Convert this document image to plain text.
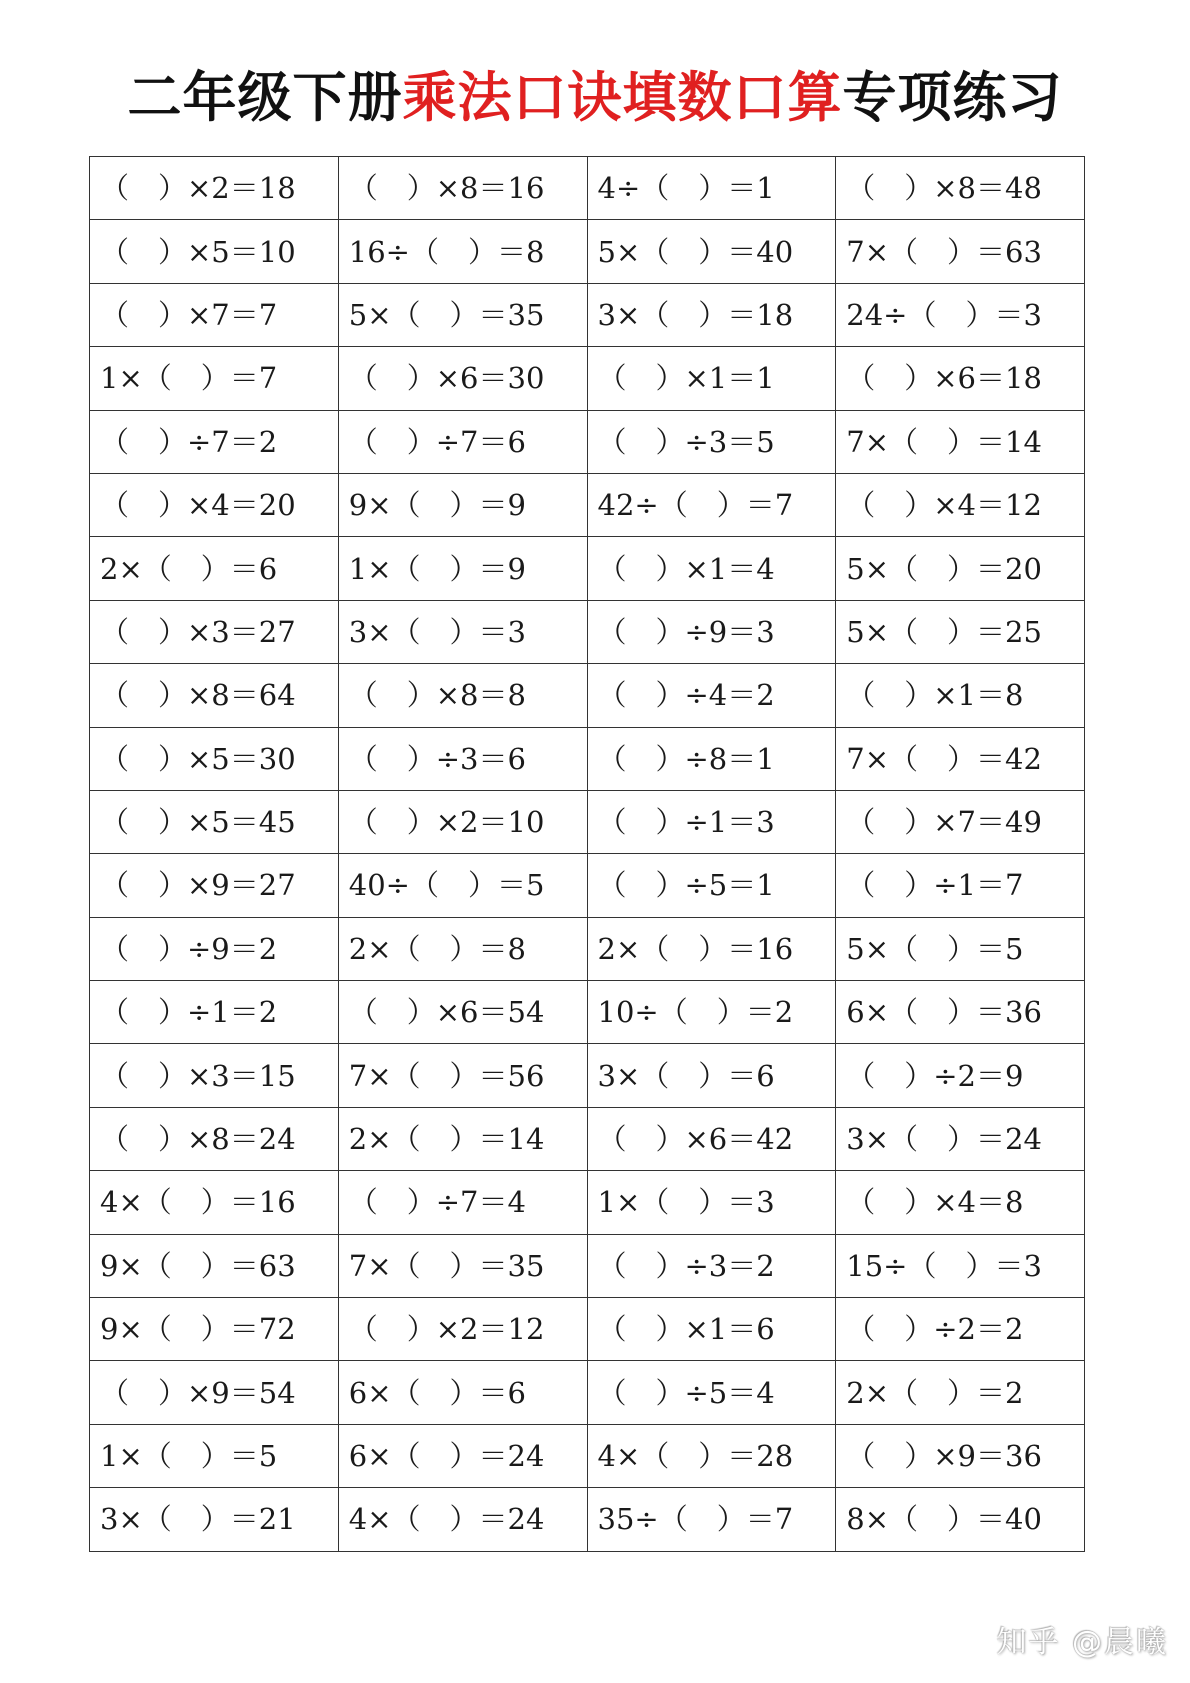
二年级下册乘法口诀填数口算专项练习
（　）×2＝18	（　）×8＝16	4÷（　）＝1	（　）×8＝48
（　）×5＝10	16÷（　）＝8	5×（　）＝40	7×（　）＝63
（　）×7＝7	5×（　）＝35	3×（　）＝18	24÷（　）＝3
1×（　）＝7	（　）×6＝30	（　）×1＝1	（　）×6＝18
（　）÷7＝2	（　）÷7＝6	（　）÷3＝5	7×（　）＝14
（　）×4＝20	9×（　）＝9	42÷（　）＝7	（　）×4＝12
2×（　）＝6	1×（　）＝9	（　）×1＝4	5×（　）＝20
（　）×3＝27	3×（　）＝3	（　）÷9＝3	5×（　）＝25
（　）×8＝64	（　）×8＝8	（　）÷4＝2	（　）×1＝8
（　）×5＝30	（　）÷3＝6	（　）÷8＝1	7×（　）＝42
（　）×5＝45	（　）×2＝10	（　）÷1＝3	（　）×7＝49
（　）×9＝27	40÷（　）＝5	（　）÷5＝1	（　）÷1＝7
（　）÷9＝2	2×（　）＝8	2×（　）＝16	5×（　）＝5
（　）÷1＝2	（　）×6＝54	10÷（　）＝2	6×（　）＝36
（　）×3＝15	7×（　）＝56	3×（　）＝6	（　）÷2＝9
（　）×8＝24	2×（　）＝14	（　）×6＝42	3×（　）＝24
4×（　）＝16	（　）÷7＝4	1×（　）＝3	（　）×4＝8
9×（　）＝63	7×（　）＝35	（　）÷3＝2	15÷（　）＝3
9×（　）＝72	（　）×2＝12	（　）×1＝6	（　）÷2＝2
（　）×9＝54	6×（　）＝6	（　）÷5＝4	2×（　）＝2
1×（　）＝5	6×（　）＝24	4×（　）＝28	（　）×9＝36
3×（　）＝21	4×（　）＝24	35÷（　）＝7	8×（　）＝40
知乎 @晨曦
